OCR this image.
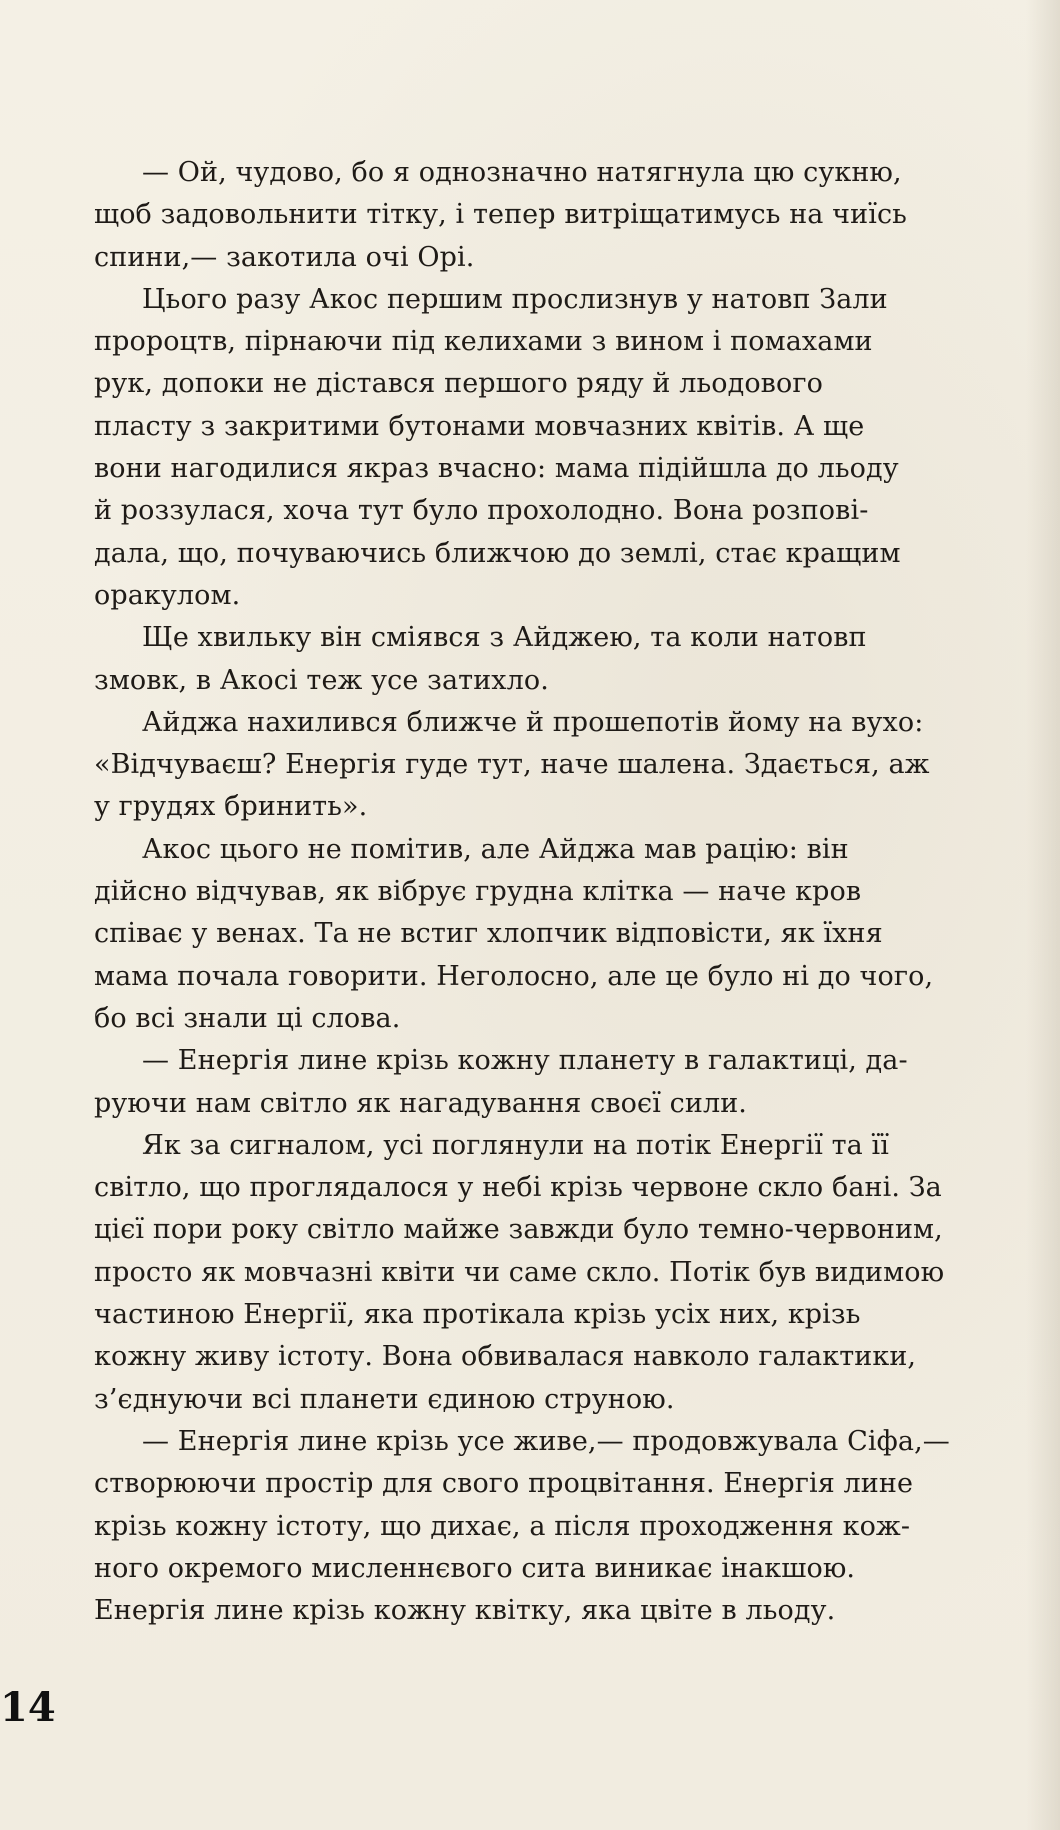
— Ой, чудово, бо я однозначно натягнула цю сукню,
щоб задовольнити тітку, і тепер витріщатимусь на чиїсь
спини,— закотила очі Орі.

Цього разу Акос першим прослизнув у натовп Зали
пророцтв, пірнаючи під келихами з вином і помахами
рук, допоки не дістався першого ряду й льодового
пласту з закритими бутонами мовчазних квітів. А ще
вони нагодилися якраз вчасно: мама підійшла до льоду
й роззулася, хоча тут було прохолодно. Вона розпові-
дала, що, почуваючись ближчою до землі, стає кращим
оракулом.

Ще хвильку він сміявся з Айджею, та коли натовп
змовк, в Акосі теж усе затихло.

Айджа нахилився ближче й прошепотів йому на вухо:
«Відчуваєш? Енергія гуде тут, наче шалена. Здається, аж
у грудях бринить».

Акос цього не помітив, але Айджа мав рацію: він
дійсно відчував, як вібрує грудна клітка — наче кров
співає у венах. Та не встиг хлопчик відповісти, як їхня
мама почала говорити. Неголосно, але це було ні до чого,
бо всі знали ці слова.

— Енергія лине крізь кожну планету в галактиці, да-
руючи нам світло як нагадування своєї сили.

Як за сигналом, усі поглянули на потік Енергії та її
світло, що проглядалося у небі крізь червоне скло бані. За
цієї пори року світло майже завжди було темно-червоним,
просто як мовчазні квіти чи саме скло. Потік був видимою
частиною Енергії, яка протікала крізь усіх них, крізь
кожну живу істоту. Вона обвивалася навколо галактики,
з’єднуючи всі планети єдиною струною.

— Енергія лине крізь усе живе,— продовжувала Сіфа,—
створюючи простір для свого процвітання. Енергія лине
крізь кожну істоту, що дихає, а після проходження кож-
ного окремого мисленнєвого сита виникає інакшою.
Енергія лине крізь кожну квітку, яка цвіте в льоду.

14
